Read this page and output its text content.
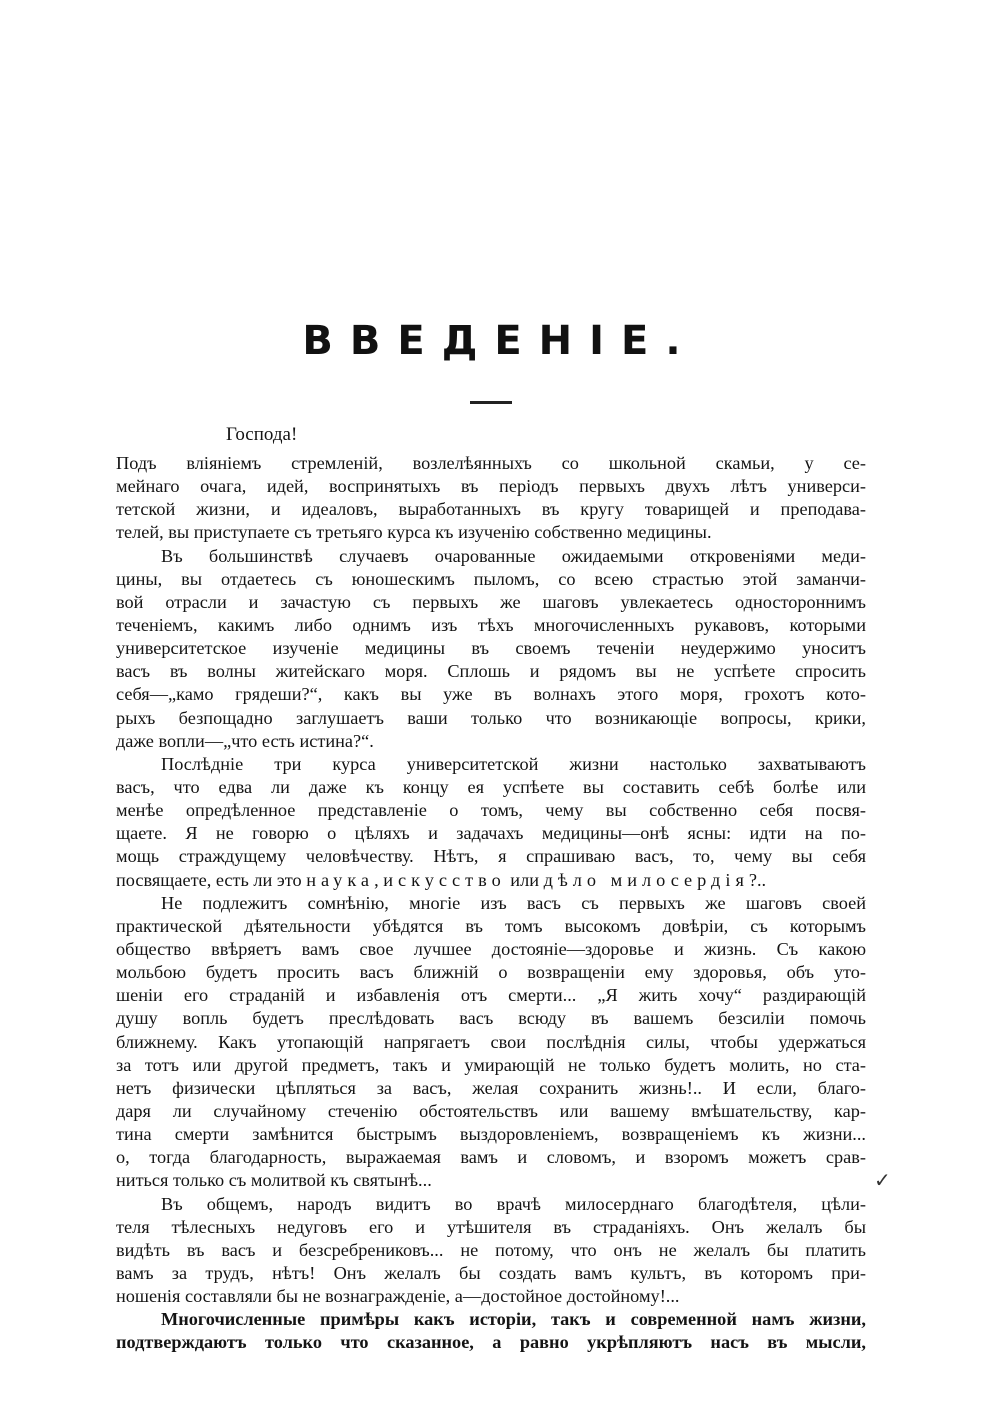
ВВЕДЕНIЕ.
Господа!
Подъ влiянiемъ стремленiй, возлелѣянныхъ со школьной скамьи, у се-
мейнаго очага, идей, воспринятыхъ въ перiодъ первыхъ двухъ лѣтъ универси-
тетской жизни, и идеаловъ, выработанныхъ въ кругу товарищей и преподава-
телей, вы приступаете съ третьяго курса къ изученiю собственно медицины.
Въ большинствѣ случаевъ очарованные ожидаемыми откровенiями меди-
цины, вы отдаетесь съ юношескимъ пыломъ, со всею страстью этой заманчи-
вой отрасли и зачастую съ первыхъ же шаговъ увлекаетесь одностороннимъ
теченiемъ, какимъ либо однимъ изъ тѣхъ многочисленныхъ рукавовъ, которыми
университетское изученiе медицины въ своемъ теченiи неудержимо уноситъ
васъ въ волны житейскаго моря. Сплошь и рядомъ вы не успѣете спросить
себя—„камо грядеши?“, какъ вы уже въ волнахъ этого моря, грохотъ кото-
рыхъ безпощадно заглушаетъ ваши только что возникающiе вопросы, крики,
даже вопли—„что есть истина?“.
Послѣднiе три курса университетской жизни настолько захватываютъ
васъ, что едва ли даже къ концу ея успѣете вы составить себѣ болѣе или
менѣе опредѣленное представленiе о томъ, чему вы собственно себя посвя-
щаете. Я не говорю о цѣляхъ и задачахъ медицины—онѣ ясны: идти на по-
мощь страждущему человѣчеству. Нѣтъ, я спрашиваю васъ, то, чему вы себя
посвящаете, есть ли это наука, искусство или дѣло милосердiя?..
Не подлежитъ сомнѣнiю, многiе изъ васъ съ первыхъ же шаговъ своей
практической дѣятельности убѣдятся въ томъ высокомъ довѣрiи, съ которымъ
общество ввѣряетъ вамъ свое лучшее достоянiе—здоровье и жизнь. Съ какою
мольбою будетъ просить васъ ближнiй о возвращенiи ему здоровья, объ уто-
шенiи его страданiй и избавленiя отъ смерти... „Я жить хочу“ раздирающiй
душу вопль будетъ преслѣдовать васъ всюду въ вашемъ безсилiи помочь
ближнему. Какъ утопающiй напрягаетъ свои послѣднiя силы, чтобы удержаться
за тотъ или другой предметъ, такъ и умирающiй не только будетъ молить, но ста-
нетъ физически цѣпляться за васъ, желая сохранить жизнь!.. И если, благо-
даря ли случайному стеченiю обстоятельствъ или вашему вмѣшательству, кар-
тина смерти замѣнится быстрымъ выздоровленiемъ, возвращенiемъ къ жизни...
о, тогда благодарность, выражаемая вамъ и словомъ, и взоромъ можетъ срав-
ниться только съ молитвой къ святынѣ...
Въ общемъ, народъ видитъ во врачѣ милосерднаго благодѣтеля, цѣли-
теля тѣлесныхъ недуговъ его и утѣшителя въ страданiяхъ. Онъ желалъ бы
видѣть въ васъ и безсребрениковъ... не потому, что онъ не желалъ бы платить
вамъ за трудъ, нѣтъ! Онъ желалъ бы создать вамъ культъ, въ которомъ при-
ношенiя составляли бы не вознагражденiе, а—достойное достойному!...
Многочисленные примѣры какъ исторiи, такъ и современной намъ жизни,
подтверждаютъ только что сказанное, а равно укрѣпляютъ насъ въ мысли,
✓
